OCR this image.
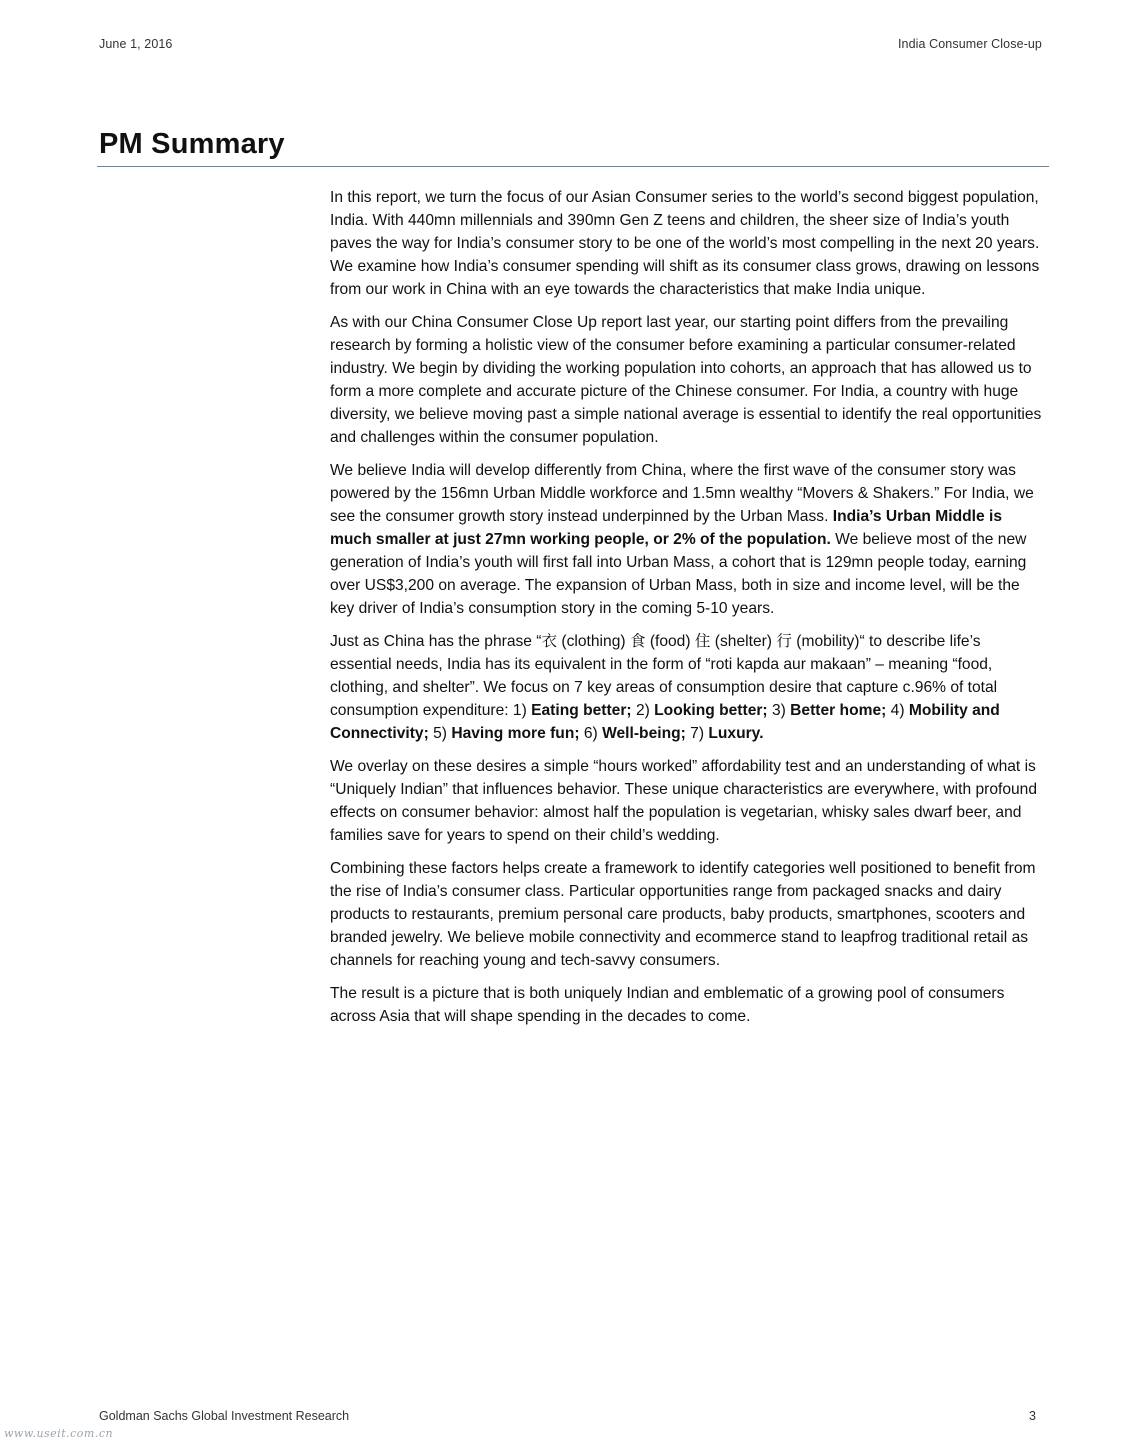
June 1, 2016	India Consumer Close-up
PM Summary

In this report, we turn the focus of our Asian Consumer series to the world’s second biggest population, India. With 440mn millennials and 390mn Gen Z teens and children, the sheer size of India’s youth paves the way for India’s consumer story to be one of the world’s most compelling in the next 20 years. We examine how India’s consumer spending will shift as its consumer class grows, drawing on lessons from our work in China with an eye towards the characteristics that make India unique.

As with our China Consumer Close Up report last year, our starting point differs from the prevailing research by forming a holistic view of the consumer before examining a particular consumer-related industry. We begin by dividing the working population into cohorts, an approach that has allowed us to form a more complete and accurate picture of the Chinese consumer. For India, a country with huge diversity, we believe moving past a simple national average is essential to identify the real opportunities and challenges within the consumer population.

We believe India will develop differently from China, where the first wave of the consumer story was powered by the 156mn Urban Middle workforce and 1.5mn wealthy “Movers & Shakers.” For India, we see the consumer growth story instead underpinned by the Urban Mass. India’s Urban Middle is much smaller at just 27mn working people, or 2% of the population. We believe most of the new generation of India’s youth will first fall into Urban Mass, a cohort that is 129mn people today, earning over US$3,200 on average. The expansion of Urban Mass, both in size and income level, will be the key driver of India’s consumption story in the coming 5-10 years.

Just as China has the phrase “衣 (clothing) 食 (food) 住 (shelter) 行 (mobility)“ to describe life’s essential needs, India has its equivalent in the form of “roti kapda aur makaan” – meaning “food, clothing, and shelter”. We focus on 7 key areas of consumption desire that capture c.96% of total consumption expenditure: 1) Eating better; 2) Looking better; 3) Better home; 4) Mobility and Connectivity; 5) Having more fun; 6) Well-being; 7) Luxury.

We overlay on these desires a simple “hours worked” affordability test and an understanding of what is “Uniquely Indian” that influences behavior. These unique characteristics are everywhere, with profound effects on consumer behavior: almost half the population is vegetarian, whisky sales dwarf beer, and families save for years to spend on their child’s wedding.

Combining these factors helps create a framework to identify categories well positioned to benefit from the rise of India’s consumer class. Particular opportunities range from packaged snacks and dairy products to restaurants, premium personal care products, baby products, smartphones, scooters and branded jewelry. We believe mobile connectivity and ecommerce stand to leapfrog traditional retail as channels for reaching young and tech-savvy consumers.

The result is a picture that is both uniquely Indian and emblematic of a growing pool of consumers across Asia that will shape spending in the decades to come.

Goldman Sachs Global Investment Research	3
www.useit.com.cn
